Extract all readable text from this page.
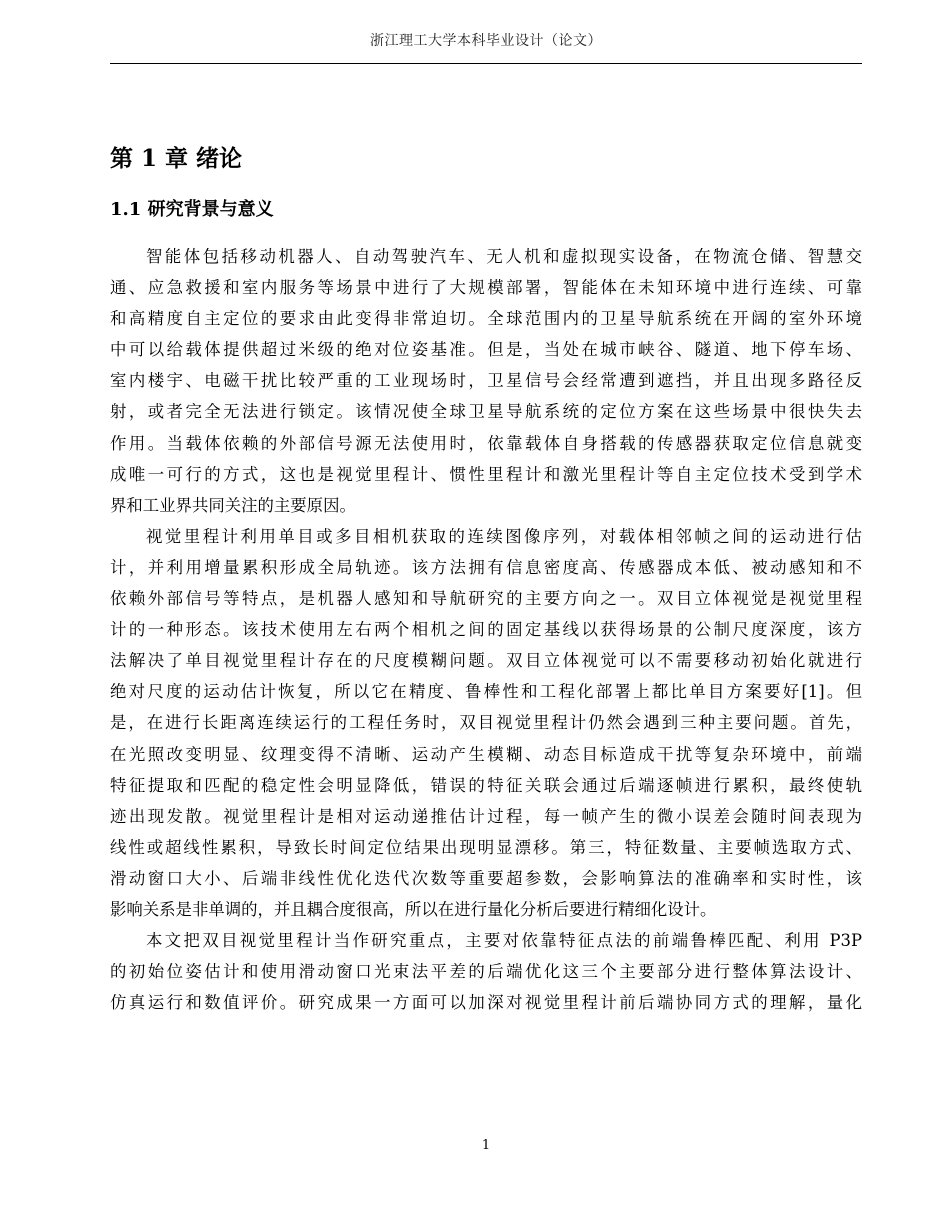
浙江理工大学本科毕业设计（论文）
第 1 章 绪论
1.1 研究背景与意义
智能体包括移动机器人、自动驾驶汽车、无人机和虚拟现实设备，在物流仓储、智慧交
通、应急救援和室内服务等场景中进行了大规模部署，智能体在未知环境中进行连续、可靠
和高精度自主定位的要求由此变得非常迫切。全球范围内的卫星导航系统在开阔的室外环境
中可以给载体提供超过米级的绝对位姿基准。但是，当处在城市峡谷、隧道、地下停车场、
室内楼宇、电磁干扰比较严重的工业现场时，卫星信号会经常遭到遮挡，并且出现多路径反
射，或者完全无法进行锁定。该情况使全球卫星导航系统的定位方案在这些场景中很快失去
作用。当载体依赖的外部信号源无法使用时，依靠载体自身搭载的传感器获取定位信息就变
成唯一可行的方式，这也是视觉里程计、惯性里程计和激光里程计等自主定位技术受到学术
界和工业界共同关注的主要原因。
视觉里程计利用单目或多目相机获取的连续图像序列，对载体相邻帧之间的运动进行估
计，并利用增量累积形成全局轨迹。该方法拥有信息密度高、传感器成本低、被动感知和不
依赖外部信号等特点，是机器人感知和导航研究的主要方向之一。双目立体视觉是视觉里程
计的一种形态。该技术使用左右两个相机之间的固定基线以获得场景的公制尺度深度，该方
法解决了单目视觉里程计存在的尺度模糊问题。双目立体视觉可以不需要移动初始化就进行
绝对尺度的运动估计恢复，所以它在精度、鲁棒性和工程化部署上都比单目方案要好[1]。但
是，在进行长距离连续运行的工程任务时，双目视觉里程计仍然会遇到三种主要问题。首先，
在光照改变明显、纹理变得不清晰、运动产生模糊、动态目标造成干扰等复杂环境中，前端
特征提取和匹配的稳定性会明显降低，错误的特征关联会通过后端逐帧进行累积，最终使轨
迹出现发散。视觉里程计是相对运动递推估计过程，每一帧产生的微小误差会随时间表现为
线性或超线性累积，导致长时间定位结果出现明显漂移。第三，特征数量、主要帧选取方式、
滑动窗口大小、后端非线性优化迭代次数等重要超参数，会影响算法的准确率和实时性，该
影响关系是非单调的，并且耦合度很高，所以在进行量化分析后要进行精细化设计。
本文把双目视觉里程计当作研究重点，主要对依靠特征点法的前端鲁棒匹配、利用 P3P
的初始位姿估计和使用滑动窗口光束法平差的后端优化这三个主要部分进行整体算法设计、
仿真运行和数值评价。研究成果一方面可以加深对视觉里程计前后端协同方式的理解，量化
1
